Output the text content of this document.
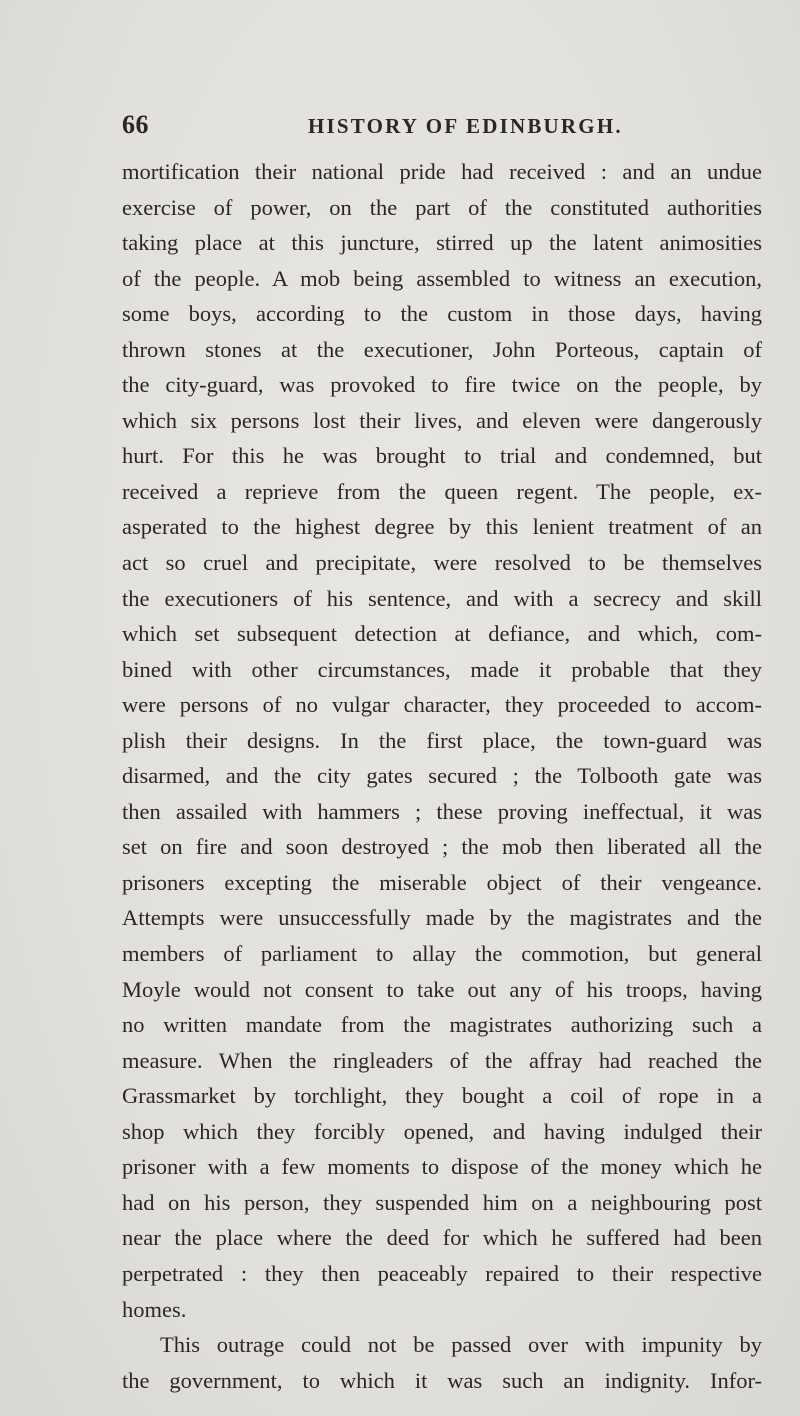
66	HISTORY OF EDINBURGH.
mortification their national pride had received : and an undue
exercise of power, on the part of the constituted authorities
taking place at this juncture, stirred up the latent animosities
of the people. A mob being assembled to witness an execution,
some boys, according to the custom in those days, having
thrown stones at the executioner, John Porteous, captain of
the city-guard, was provoked to fire twice on the people, by
which six persons lost their lives, and eleven were dangerously
hurt. For this he was brought to trial and condemned, but
received a reprieve from the queen regent. The people, ex-
asperated to the highest degree by this lenient treatment of an
act so cruel and precipitate, were resolved to be themselves
the executioners of his sentence, and with a secrecy and skill
which set subsequent detection at defiance, and which, com-
bined with other circumstances, made it probable that they
were persons of no vulgar character, they proceeded to accom-
plish their designs. In the first place, the town-guard was
disarmed, and the city gates secured ; the Tolbooth gate was
then assailed with hammers ; these proving ineffectual, it was
set on fire and soon destroyed ; the mob then liberated all the
prisoners excepting the miserable object of their vengeance.
Attempts were unsuccessfully made by the magistrates and the
members of parliament to allay the commotion, but general
Moyle would not consent to take out any of his troops, having
no written mandate from the magistrates authorizing such a
measure. When the ringleaders of the affray had reached the
Grassmarket by torchlight, they bought a coil of rope in a
shop which they forcibly opened, and having indulged their
prisoner with a few moments to dispose of the money which he
had on his person, they suspended him on a neighbouring post
near the place where the deed for which he suffered had been
perpetrated : they then peaceably repaired to their respective
homes.
This outrage could not be passed over with impunity by
the government, to which it was such an indignity. Infor-
